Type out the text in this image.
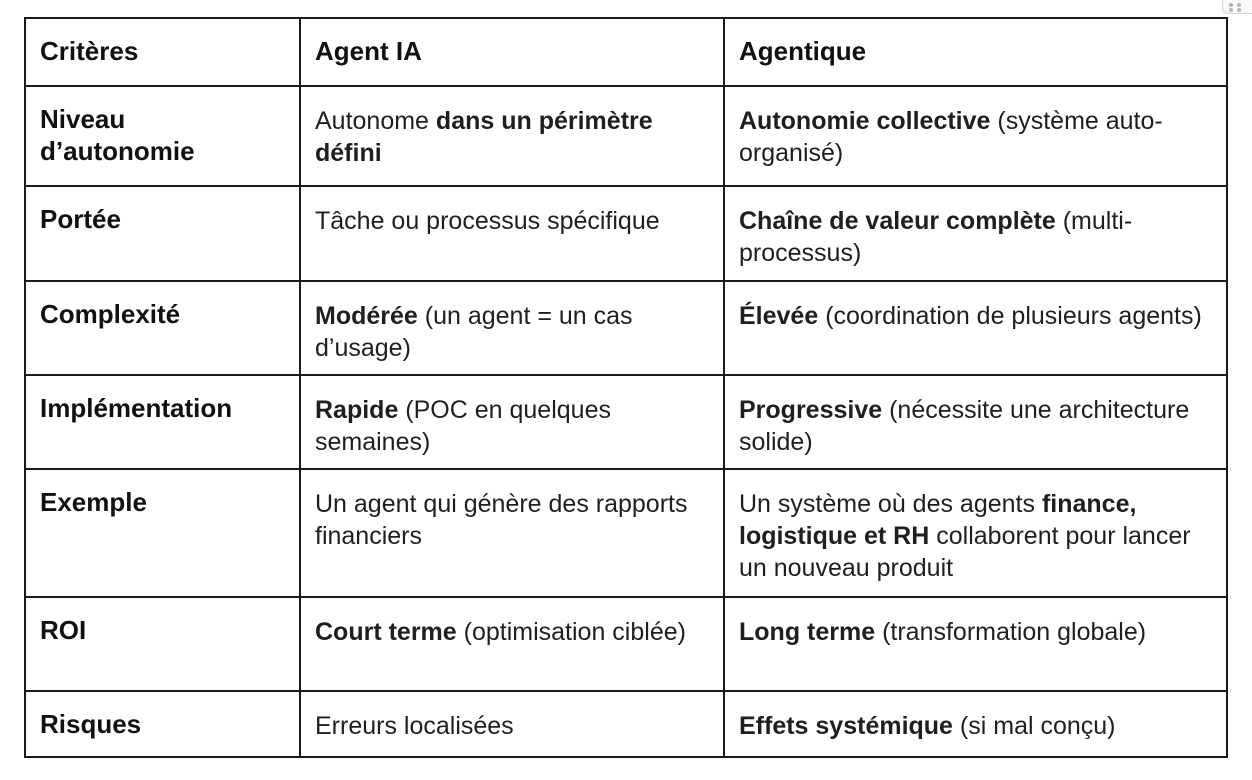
Critères	Agent IA	Agentique
Niveau d’autonomie	Autonome dans un périmètre défini	Autonomie collective (système auto-organisé)
Portée	Tâche ou processus spécifique	Chaîne de valeur complète (multi-processus)
Complexité	Modérée (un agent = un cas d’usage)	Élevée (coordination de plusieurs agents)
Implémentation	Rapide (POC en quelques semaines)	Progressive (nécessite une architecture solide)
Exemple	Un agent qui génère des rapports financiers	Un système où des agents finance, logistique et RH collaborent pour lancer un nouveau produit
ROI	Court terme (optimisation ciblée)	Long terme (transformation globale)
Risques	Erreurs localisées	Effets systémique (si mal conçu)
